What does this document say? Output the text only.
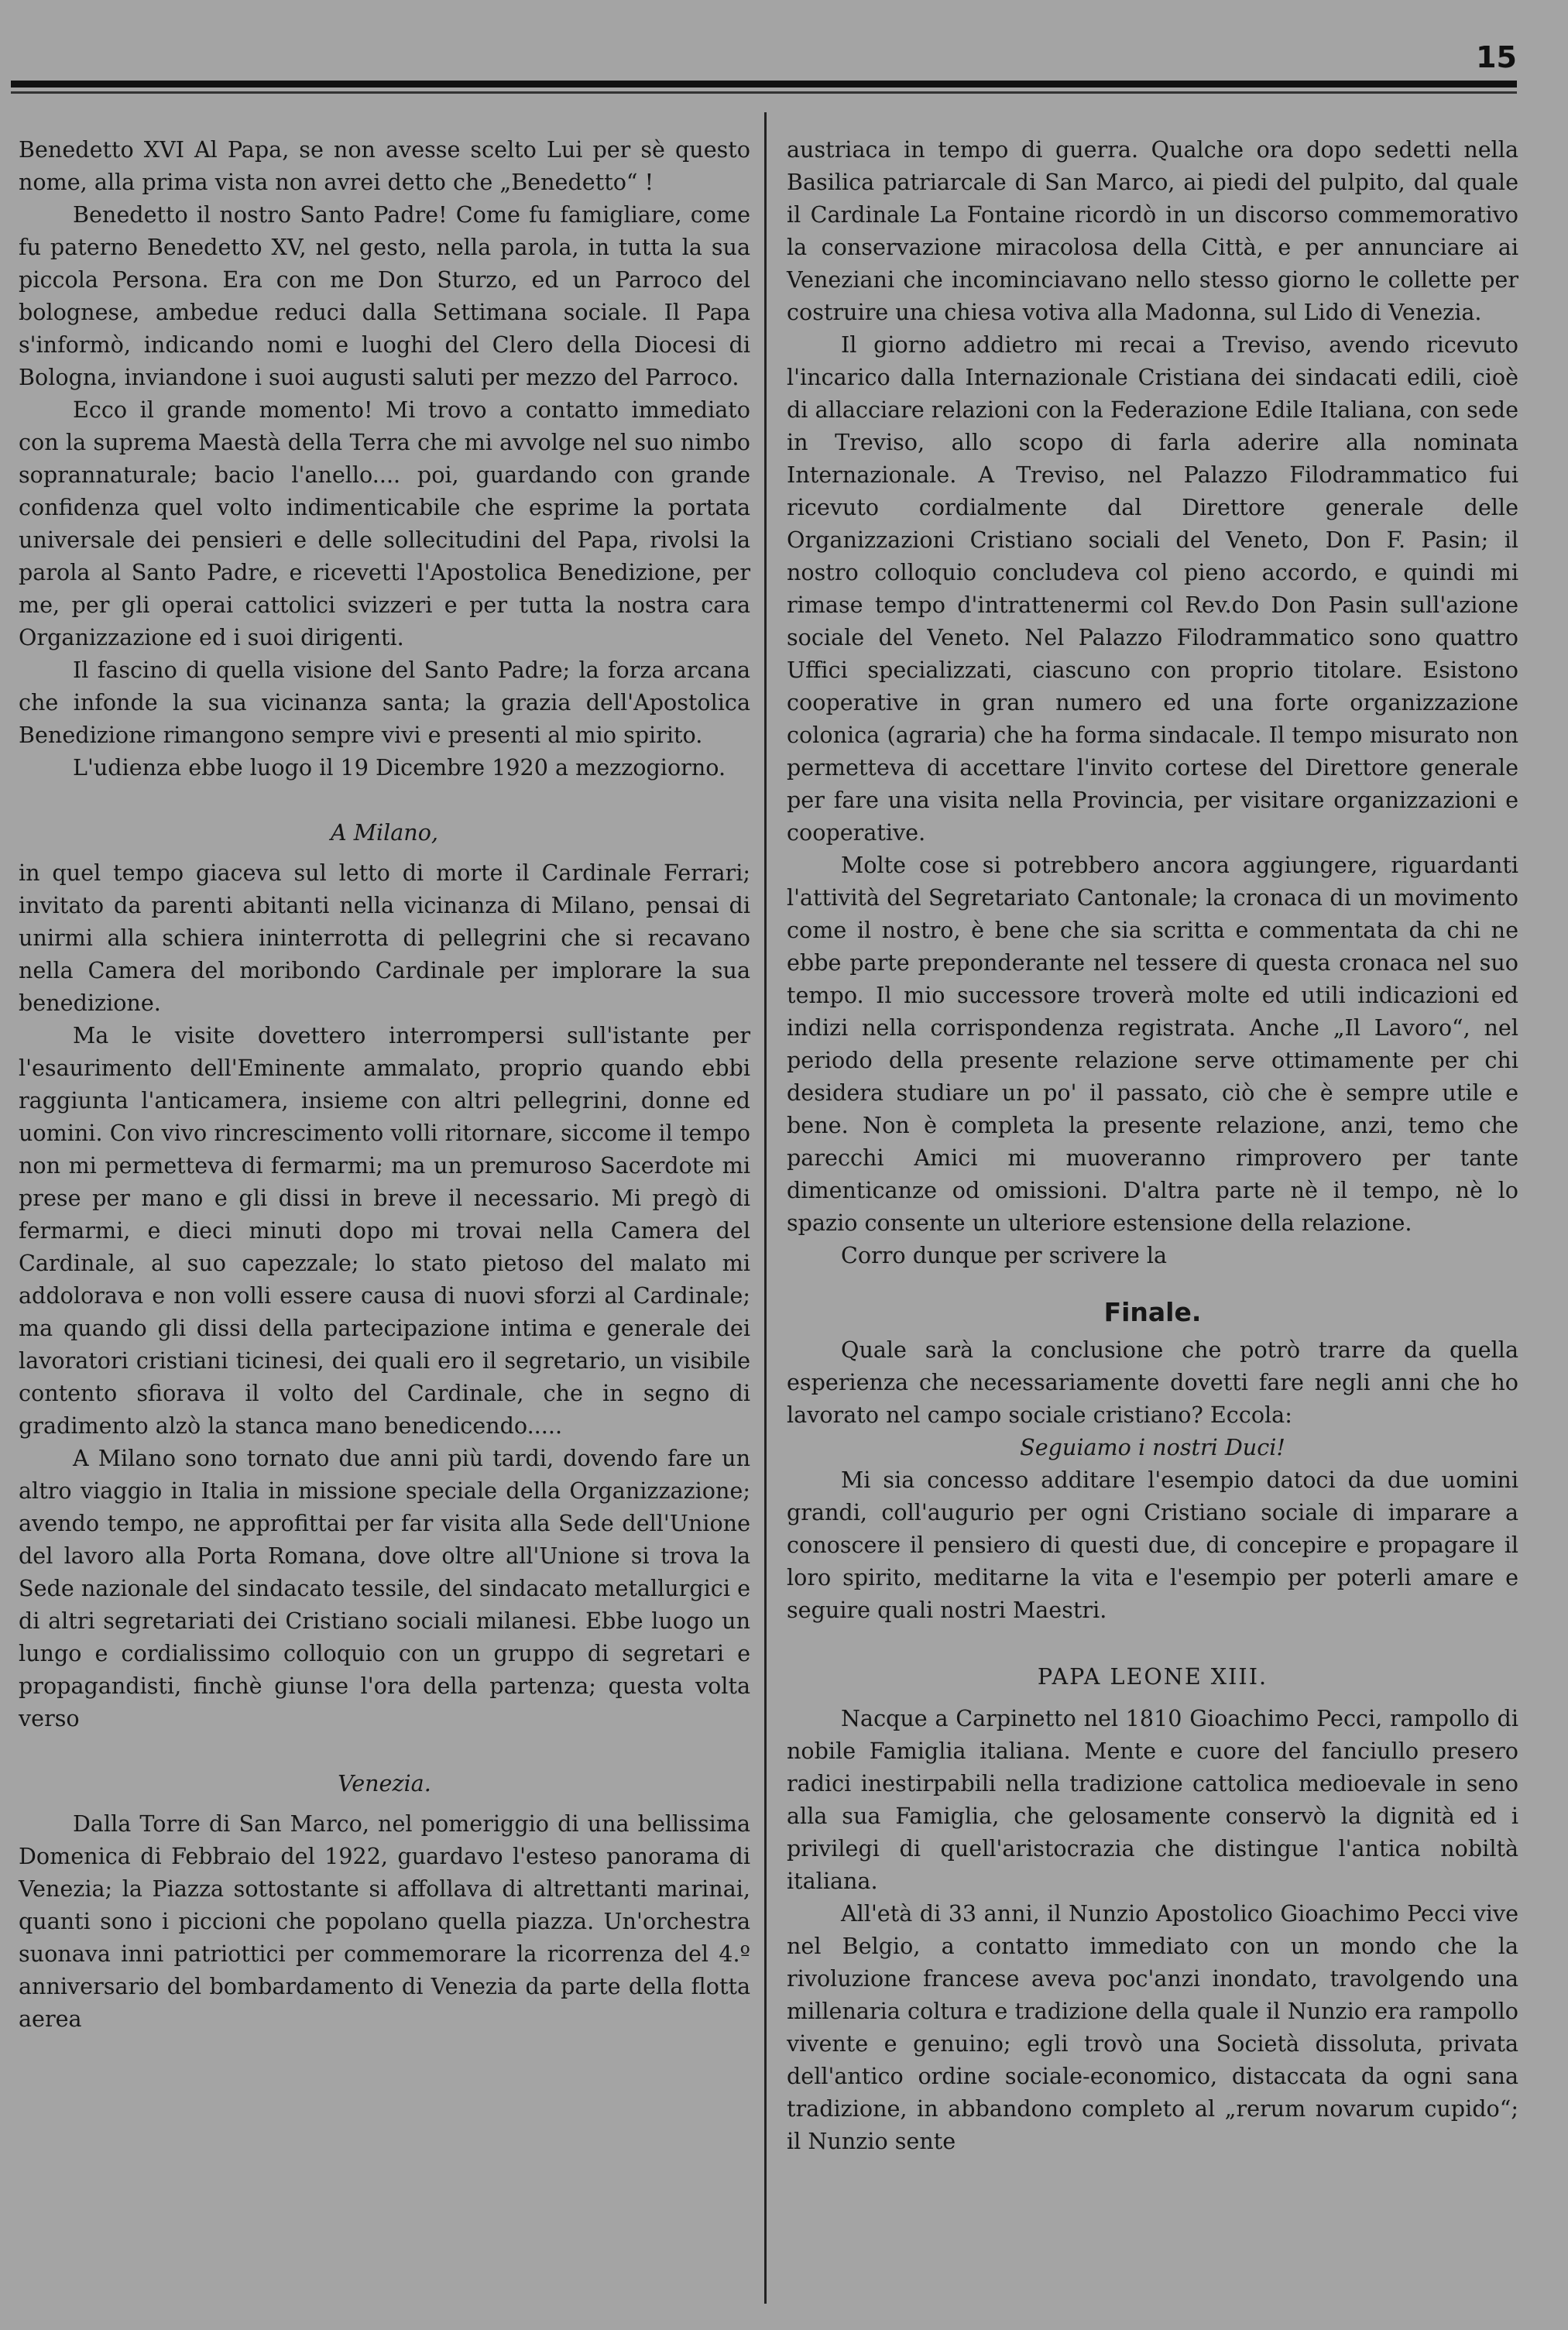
15

Benedetto XVI Al Papa, se non avesse scelto Lui per sè questo nome, alla prima vista non avrei detto che „Benedetto“ !

Benedetto il nostro Santo Padre! Come fu famigliare, come fu paterno Benedetto XV, nel gesto, nella parola, in tutta la sua piccola Persona. Era con me Don Sturzo, ed un Parroco del bolognese, ambedue reduci dalla Settimana sociale. Il Papa s'informò, indicando nomi e luoghi del Clero della Diocesi di Bologna, inviandone i suoi augusti saluti per mezzo del Parroco.

Ecco il grande momento! Mi trovo a contatto immediato con la suprema Maestà della Terra che mi avvolge nel suo nimbo soprannaturale; bacio l'anello.... poi, guardando con grande confidenza quel volto indimenticabile che esprime la portata universale dei pensieri e delle sollecitudini del Papa, rivolsi la parola al Santo Padre, e ricevetti l'Apostolica Benedizione, per me, per gli operai cattolici svizzeri e per tutta la nostra cara Organizzazione ed i suoi dirigenti.

Il fascino di quella visione del Santo Padre; la forza arcana che infonde la sua vicinanza santa; la grazia dell'Apostolica Benedizione rimangono sempre vivi e presenti al mio spirito.

L'udienza ebbe luogo il 19 Dicembre 1920 a mezzogiorno.

A Milano,

in quel tempo giaceva sul letto di morte il Cardinale Ferrari; invitato da parenti abitanti nella vicinanza di Milano, pensai di unirmi alla schiera ininterrotta di pellegrini che si recavano nella Camera del moribondo Cardinale per implorare la sua benedizione.

Ma le visite dovettero interrompersi sull'istante per l'esaurimento dell'Eminente ammalato, proprio quando ebbi raggiunta l'anticamera, insieme con altri pellegrini, donne ed uomini. Con vivo rincrescimento volli ritornare, siccome il tempo non mi permetteva di fermarmi; ma un premuroso Sacerdote mi prese per mano e gli dissi in breve il necessario. Mi pregò di fermarmi, e dieci minuti dopo mi trovai nella Camera del Cardinale, al suo capezzale; lo stato pietoso del malato mi addolorava e non volli essere causa di nuovi sforzi al Cardinale; ma quando gli dissi della partecipazione intima e generale dei lavoratori cristiani ticinesi, dei quali ero il segretario, un visibile contento sfiorava il volto del Cardinale, che in segno di gradimento alzò la stanca mano benedicendo.....

A Milano sono tornato due anni più tardi, dovendo fare un altro viaggio in Italia in missione speciale della Organizzazione; avendo tempo, ne approfittai per far visita alla Sede dell'Unione del lavoro alla Porta Romana, dove oltre all'Unione si trova la Sede nazionale del sindacato tessile, del sindacato metallurgici e di altri segretariati dei Cristiano sociali milanesi. Ebbe luogo un lungo e cordialissimo colloquio con un gruppo di segretari e propagandisti, finchè giunse l'ora della partenza; questa volta verso

Venezia.

Dalla Torre di San Marco, nel pomeriggio di una bellissima Domenica di Febbraio del 1922, guardavo l'esteso panorama di Venezia; la Piazza sottostante si affollava di altrettanti marinai, quanti sono i piccioni che popolano quella piazza. Un'orchestra suonava inni patriottici per commemorare la ricorrenza del 4.º anniversario del bombardamento di Venezia da parte della flotta aerea

austriaca in tempo di guerra. Qualche ora dopo sedetti nella Basilica patriarcale di San Marco, ai piedi del pulpito, dal quale il Cardinale La Fontaine ricordò in un discorso commemorativo la conservazione miracolosa della Città, e per annunciare ai Veneziani che incominciavano nello stesso giorno le collette per costruire una chiesa votiva alla Madonna, sul Lido di Venezia.

Il giorno addietro mi recai a Treviso, avendo ricevuto l'incarico dalla Internazionale Cristiana dei sindacati edili, cioè di allacciare relazioni con la Federazione Edile Italiana, con sede in Treviso, allo scopo di farla aderire alla nominata Internazionale. A Treviso, nel Palazzo Filodrammatico fui ricevuto cordialmente dal Direttore generale delle Organizzazioni Cristiano sociali del Veneto, Don F. Pasin; il nostro colloquio concludeva col pieno accordo, e quindi mi rimase tempo d'intrattenermi col Rev.do Don Pasin sull'azione sociale del Veneto. Nel Palazzo Filodrammatico sono quattro Uffici specializzati, ciascuno con proprio titolare. Esistono cooperative in gran numero ed una forte organizzazione colonica (agraria) che ha forma sindacale. Il tempo misurato non permetteva di accettare l'invito cortese del Direttore generale per fare una visita nella Provincia, per visitare organizzazioni e cooperative.

Molte cose si potrebbero ancora aggiungere, riguardanti l'attività del Segretariato Cantonale; la cronaca di un movimento come il nostro, è bene che sia scritta e commentata da chi ne ebbe parte preponderante nel tessere di questa cronaca nel suo tempo. Il mio successore troverà molte ed utili indicazioni ed indizi nella corrispondenza registrata. Anche „Il Lavoro“, nel periodo della presente relazione serve ottimamente per chi desidera studiare un po' il passato, ciò che è sempre utile e bene. Non è completa la presente relazione, anzi, temo che parecchi Amici mi muoveranno rimprovero per tante dimenticanze od omissioni. D'altra parte nè il tempo, nè lo spazio consente un ulteriore estensione della relazione.

Corro dunque per scrivere la

Finale.

Quale sarà la conclusione che potrò trarre da quella esperienza che necessariamente dovetti fare negli anni che ho lavorato nel campo sociale cristiano? Eccola:

Seguiamo i nostri Duci!

Mi sia concesso additare l'esempio datoci da due uomini grandi, coll'augurio per ogni Cristiano sociale di imparare a conoscere il pensiero di questi due, di concepire e propagare il loro spirito, meditarne la vita e l'esempio per poterli amare e seguire quali nostri Maestri.

PAPA LEONE XIII.

Nacque a Carpinetto nel 1810 Gioachimo Pecci, rampollo di nobile Famiglia italiana. Mente e cuore del fanciullo presero radici inestirpabili nella tradizione cattolica medioevale in seno alla sua Famiglia, che gelosamente conservò la dignità ed i privilegi di quell'aristocrazia che distingue l'antica nobiltà italiana.

All'età di 33 anni, il Nunzio Apostolico Gioachimo Pecci vive nel Belgio, a contatto immediato con un mondo che la rivoluzione francese aveva poc'anzi inondato, travolgendo una millenaria coltura e tradizione della quale il Nunzio era rampollo vivente e genuino; egli trovò una Società dissoluta, privata dell'antico ordine sociale-economico, distaccata da ogni sana tradizione, in abbandono completo al „rerum novarum cupido“; il Nunzio sente
